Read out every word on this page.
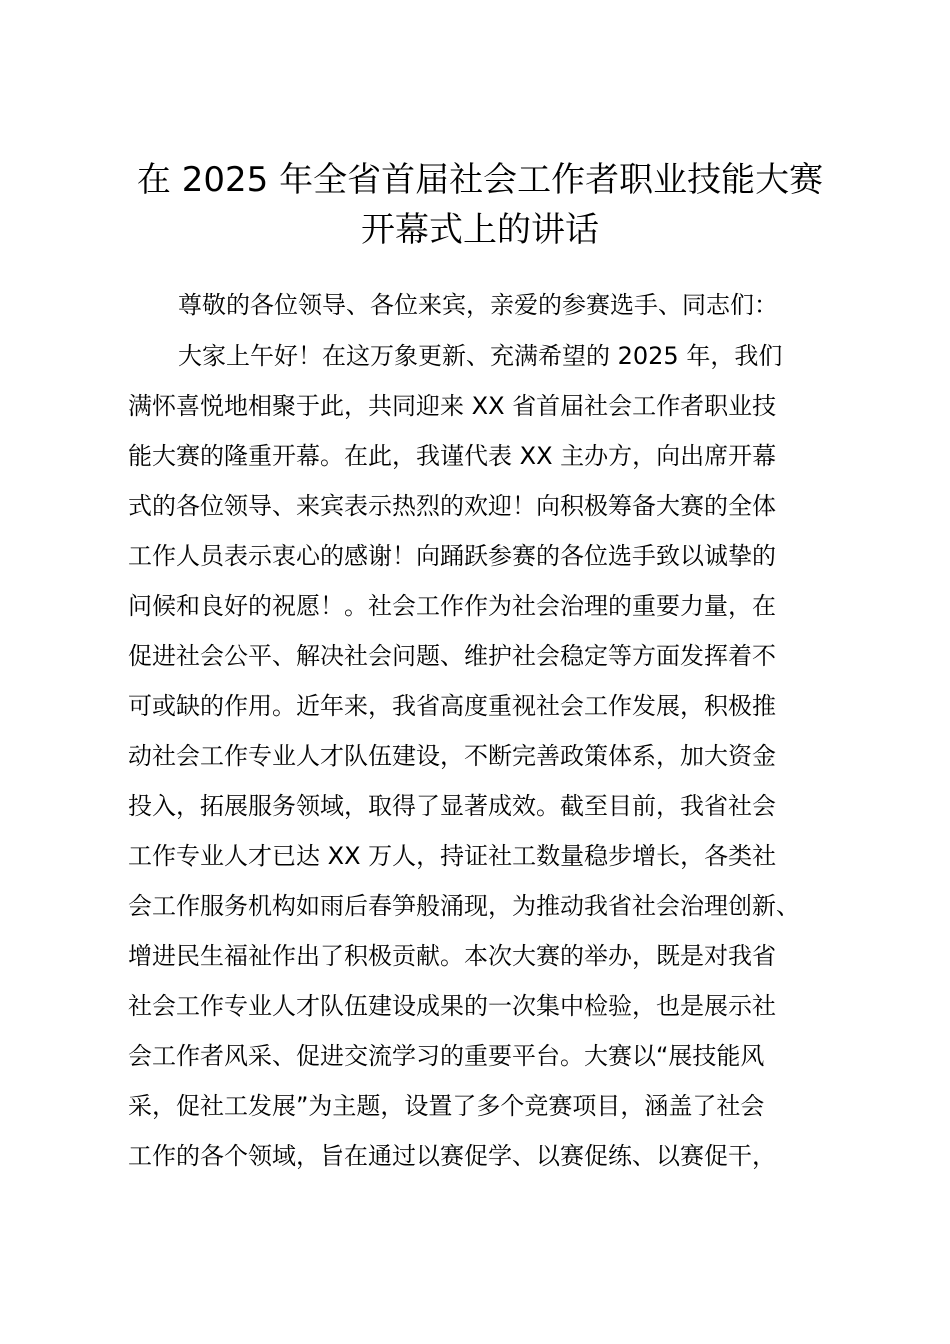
在 2025 年全省首届社会工作者职业技能大赛
开幕式上的讲话

尊敬的各位领导、各位来宾，亲爱的参赛选手、同志们：

大家上午好！在这万象更新、充满希望的 2025 年，我们
满怀喜悦地相聚于此，共同迎来 XX 省首届社会工作者职业技
能大赛的隆重开幕。在此，我谨代表 XX 主办方，向出席开幕
式的各位领导、来宾表示热烈的欢迎！向积极筹备大赛的全体
工作人员表示衷心的感谢！向踊跃参赛的各位选手致以诚挚的
问候和良好的祝愿！。社会工作作为社会治理的重要力量，在
促进社会公平、解决社会问题、维护社会稳定等方面发挥着不
可或缺的作用。近年来，我省高度重视社会工作发展，积极推
动社会工作专业人才队伍建设，不断完善政策体系，加大资金
投入，拓展服务领域，取得了显著成效。截至目前，我省社会
工作专业人才已达 XX 万人，持证社工数量稳步增长，各类社
会工作服务机构如雨后春笋般涌现，为推动我省社会治理创新、
增进民生福祉作出了积极贡献。本次大赛的举办，既是对我省
社会工作专业人才队伍建设成果的一次集中检验，也是展示社
会工作者风采、促进交流学习的重要平台。大赛以“展技能风
采，促社工发展”为主题，设置了多个竞赛项目，涵盖了社会
工作的各个领域，旨在通过以赛促学、以赛促练、以赛促干，
